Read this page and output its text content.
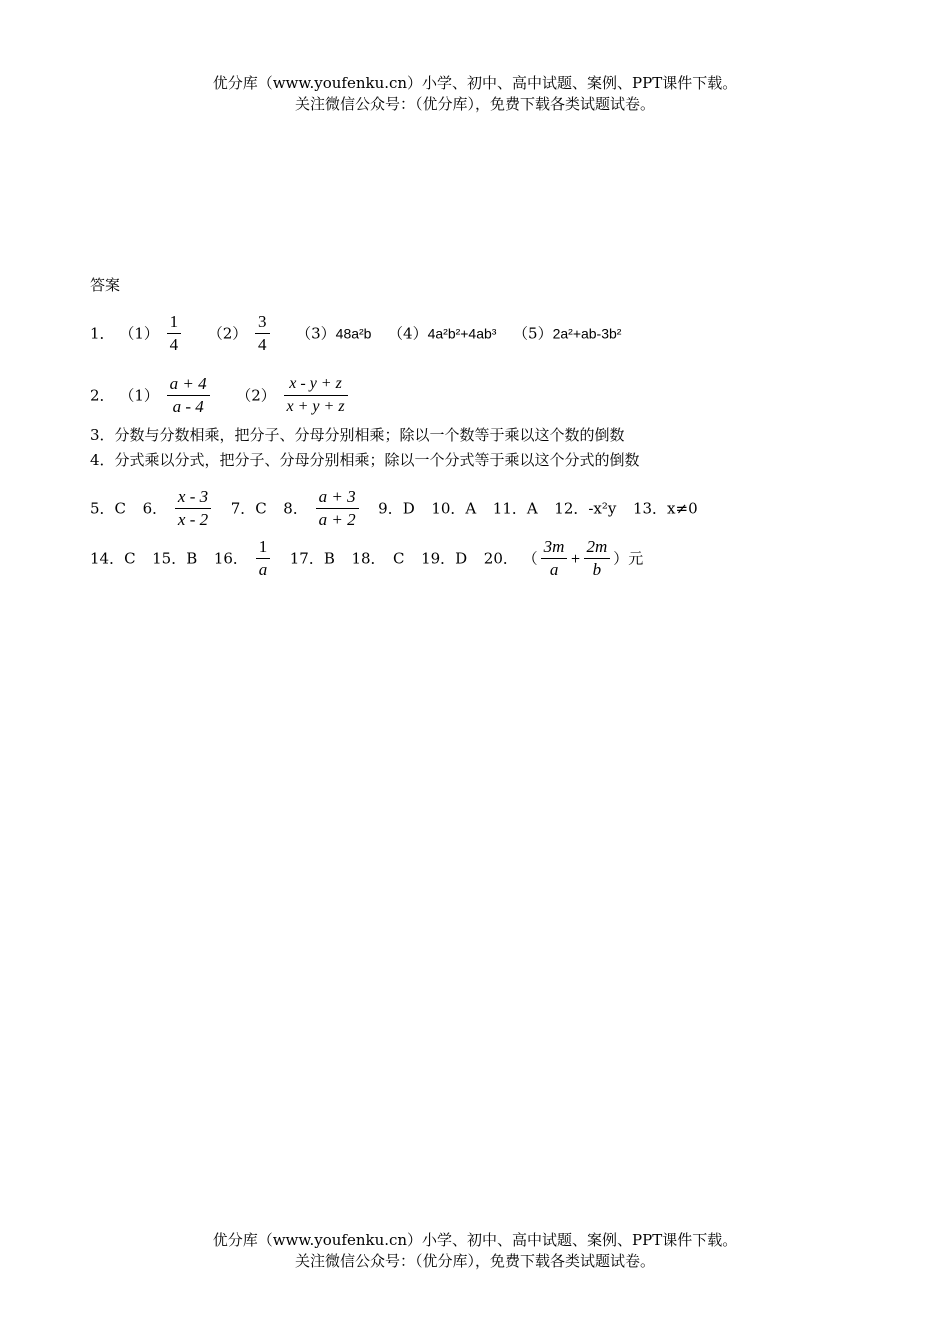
优分库（www.youfenku.cn）小学、初中、高中试题、案例、PPT课件下载。
关注微信公众号：（优分库），免费下载各类试题试卷。
答案
1． $(1) \frac{1}{4} (2) \frac{3}{4} (3)48a^2b$ （4）4a²b²+4ab³ （5）2a²+ab-3b²
2． $(1) \frac{a + 4}{a - 4} (2) \frac{x - y + z}{x + y + z}$
3．分数与分数相乘，把分子、分母分别相乘；除以一个数等于乘以这个数的倒数
4．分式乘以分式，把分子、分母分别相乘；除以一个分式等于乘以这个分式的倒数
5．C 6． $\frac{x - 3}{x - 2} 7$．C 8． $\frac{a + 3}{a + 2} 9$．D 10．A 11．A 12．-x²y 13．x≠0
14．C 15．B 16． $\frac{1}{a} 17$．B 18．　C 19．D 20． （ $\frac{3m}{a} + \frac{2m}{b}$ ）元
优分库（www.youfenku.cn）小学、初中、高中试题、案例、PPT课件下载。
关注微信公众号：（优分库），免费下载各类试题试卷。
